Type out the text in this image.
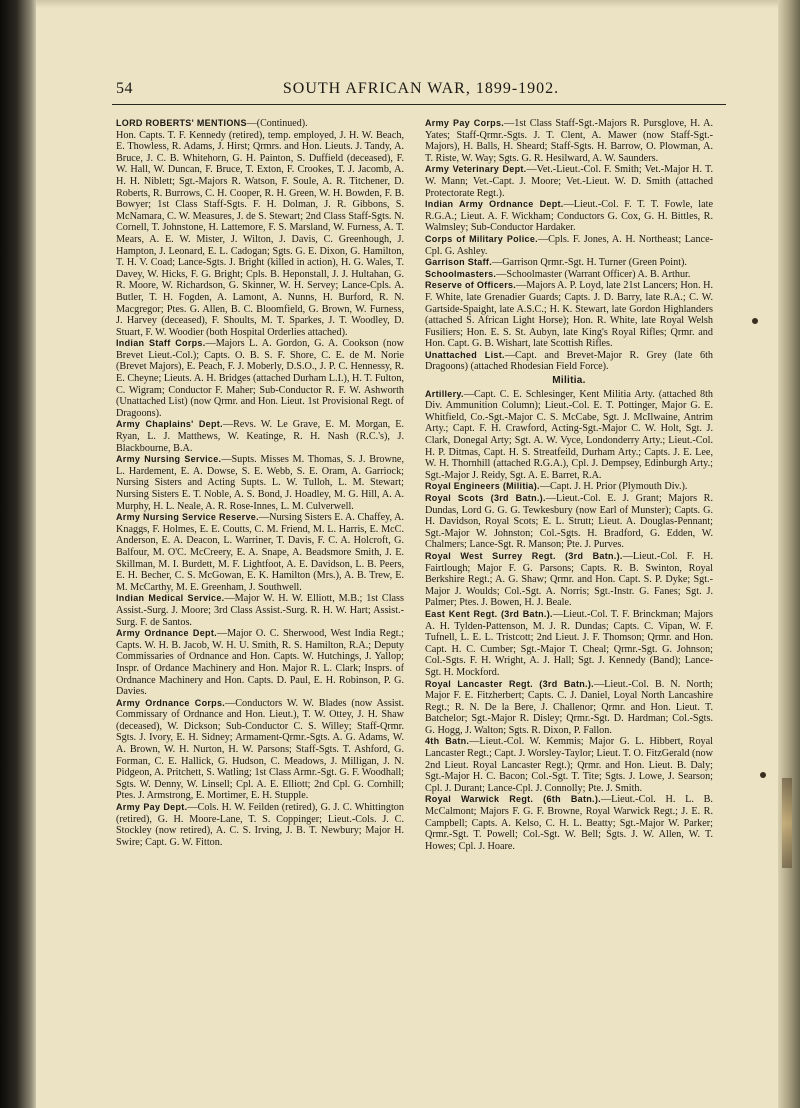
54	SOUTH AFRICAN WAR, 1899-1902.

LORD ROBERTS' MENTIONS—(Continued).

Hon. Capts. T. F. Kennedy (retired), temp. employed, J. H. W. Beach, E. Thowless, R. Adams, J. Hirst; Qrmrs. and Hon. Lieuts. J. Tandy, A. Bruce, J. C. B. Whitehorn, G. H. Painton, S. Duffield (deceased), F. W. Hall, W. Duncan, F. Bruce, T. Exton, F. Crookes, T. J. Jacomb, A. H. H. Niblett; Sgt.-Majors R. Watson, F. Soule, A. R. Titchener, D. Roberts, R. Burrows, C. H. Cooper, R. H. Green, W. H. Bowden, F. B. Bowyer; 1st Class Staff-Sgts. F. H. Dolman, J. R. Gibbons, S. McNamara, C. W. Measures, J. de S. Stewart; 2nd Class Staff-Sgts. N. Cornell, T. Johnstone, H. Lattemore, F. S. Marsland, W. Furness, A. T. Mears, A. E. W. Mister, J. Wilton, J. Davis, C. Greenhough, J. Hampton, J. Leonard, E. L. Cadogan; Sgts. G. E. Dixon, G. Hamilton, T. H. V. Coad; Lance-Sgts. J. Bright (killed in action), H. G. Wales, T. Davey, W. Hicks, F. G. Bright; Cpls. B. Heponstall, J. J. Hultahan, G. R. Moore, W. Richardson, G. Skinner, W. H. Servey; Lance-Cpls. A. Butler, T. H. Fogden, A. Lamont, A. Nunns, H. Burford, R. N. Macgregor; Ptes. G. Allen, B. C. Bloomfield, G. Brown, W. Furness, J. Harvey (deceased), F. Shoults, M. T. Sparkes, J. T. Woodley, D. Stuart, F. W. Woodier (both Hospital Orderlies attached).

Indian Staff Corps.—Majors L. A. Gordon, G. A. Cookson (now Brevet Lieut.-Col.); Capts. O. B. S. F. Shore, C. E. de M. Norie (Brevet Majors), E. Peach, F. J. Moberly, D.S.O., J. P. C. Hennessy, R. E. Cheyne; Lieuts. A. H. Bridges (attached Durham L.I.), H. T. Fulton, C. Wigram; Conductor F. Maher; Sub-Conductor R. F. W. Ashworth (Unattached List) (now Qrmr. and Hon. Lieut. 1st Provisional Regt. of Dragoons).

Army Chaplains' Dept.—Revs. W. Le Grave, E. M. Morgan, E. Ryan, L. J. Matthews, W. Keatinge, R. H. Nash (R.C.'s), J. Blackbourne, B.A.

Army Nursing Service.—Supts. Misses M. Thomas, S. J. Browne, L. Hardement, E. A. Dowse, S. E. Webb, S. E. Oram, A. Garriock; Nursing Sisters and Acting Supts. L. W. Tulloh, L. M. Stewart; Nursing Sisters E. T. Noble, A. S. Bond, J. Hoadley, M. G. Hill, A. A. Murphy, H. L. Neale, A. R. Rose-Innes, L. M. Culverwell.

Army Nursing Service Reserve.—Nursing Sisters E. A. Chaffey, A. Knaggs, F. Holmes, E. E. Coutts, C. M. Friend, M. L. Harris, E. McC. Anderson, E. A. Deacon, L. Warriner, T. Davis, F. C. A. Holcroft, G. Balfour, M. O'C. McCreery, E. A. Snape, A. Beadsmore Smith, J. E. Skillman, M. I. Burdett, M. F. Lightfoot, A. E. Davidson, L. B. Peers, E. H. Becher, C. S. McGowan, E. K. Hamilton (Mrs.), A. B. Trew, E. M. McCarthy, M. E. Greenham, J. Southwell.

Indian Medical Service.—Major W. H. W. Elliott, M.B.; 1st Class Assist.-Surg. J. Moore; 3rd Class Assist.-Surg. R. H. W. Hart; Assist.-Surg. F. de Santos.

Army Ordnance Dept.—Major O. C. Sherwood, West India Regt.; Capts. W. H. B. Jacob, W. H. U. Smith, R. S. Hamilton, R.A.; Deputy Commissaries of Ordnance and Hon. Capts. W. Hutchings, J. Yallop; Inspr. of Ordance Machinery and Hon. Major R. L. Clark; Insprs. of Ordnance Machinery and Hon. Capts. D. Paul, E. H. Robinson, P. G. Davies.

Army Ordnance Corps.—Conductors W. W. Blades (now Assist. Commissary of Ordnance and Hon. Lieut.), T. W. Ottey, J. H. Shaw (deceased), W. Dickson; Sub-Conductor C. S. Willey; Staff-Qrmr. Sgts. J. Ivory, E. H. Sidney; Armament-Qrmr.-Sgts. A. G. Adams, W. A. Brown, W. H. Nurton, H. W. Parsons; Staff-Sgts. T. Ashford, G. Forman, C. E. Hallick, G. Hudson, C. Meadows, J. Milligan, J. N. Pidgeon, A. Pritchett, S. Watling; 1st Class Armr.-Sgt. G. F. Woodhall; Sgts. W. Denny, W. Linsell; Cpl. A. E. Elliott; 2nd Cpl. G. Cornhill; Ptes. J. Armstrong, E. Mortimer, E. H. Stupple.

Army Pay Dept.—Cols. H. W. Feilden (retired), G. J. C. Whittington (retired), G. H. Moore-Lane, T. S. Coppinger; Lieut.-Cols. J. C. Stockley (now retired), A. C. S. Irving, J. B. T. Newbury; Major H. Swire; Capt. G. W. Fitton.

Army Pay Corps.—1st Class Staff-Sgt.-Majors R. Pursglove, H. A. Yates; Staff-Qrmr.-Sgts. J. T. Clent, A. Mawer (now Staff-Sgt.-Majors), H. Balls, H. Sheard; Staff-Sgts. H. Barrow, O. Plowman, A. T. Riste, W. Way; Sgts. G. R. Hesilward, A. W. Saunders.

Army Veterinary Dept.—Vet.-Lieut.-Col. F. Smith; Vet.-Major H. T. W. Mann; Vet.-Capt. J. Moore; Vet.-Lieut. W. D. Smith (attached Protectorate Regt.).

Indian Army Ordnance Dept.—Lieut.-Col. F. T. T. Fowle, late R.G.A.; Lieut. A. F. Wickham; Conductors G. Cox, G. H. Bittles, R. Walmsley; Sub-Conductor Hardaker.

Corps of Military Police.—Cpls. F. Jones, A. H. Northeast; Lance-Cpl. G. Ashley.

Garrison Staff.—Garrison Qrmr.-Sgt. H. Turner (Green Point).

Schoolmasters.—Schoolmaster (Warrant Officer) A. B. Arthur.

Reserve of Officers.—Majors A. P. Loyd, late 21st Lancers; Hon. H. F. White, late Grenadier Guards; Capts. J. D. Barry, late R.A.; C. W. Gartside-Spaight, late A.S.C.; H. K. Stewart, late Gordon Highlanders (attached S. African Light Horse); Hon. R. White, late Royal Welsh Fusiliers; Hon. E. S. St. Aubyn, late King's Royal Rifles; Qrmr. and Hon. Capt. G. B. Wishart, late Scottish Rifles.

Unattached List.—Capt. and Brevet-Major R. Grey (late 6th Dragoons) (attached Rhodesian Field Force).

Militia.

Artillery.—Capt. C. E. Schlesinger, Kent Militia Arty. (attached 8th Div. Ammunition Column); Lieut.-Col. E. T. Pottinger, Major G. E. Whitfield, Co.-Sgt.-Major C. S. McCabe, Sgt. J. McIlwaine, Antrim Arty.; Capt. F. H. Crawford, Acting-Sgt.-Major C. W. Holt, Sgt. J. Clark, Donegal Arty; Sgt. A. W. Vyce, Londonderry Arty.; Lieut.-Col. H. P. Ditmas, Capt. H. S. Streatfeild, Durham Arty.; Capts. J. E. Lee, W. H. Thornhill (attached R.G.A.), Cpl. J. Dempsey, Edinburgh Arty.; Sgt.-Major J. Reidy, Sgt. A. E. Barret, R.A.

Royal Engineers (Militia).—Capt. J. H. Prior (Plymouth Div.).

Royal Scots (3rd Batn.).—Lieut.-Col. E. J. Grant; Majors R. Dundas, Lord G. G. G. Tewkesbury (now Earl of Munster); Capts. G. H. Davidson, Royal Scots; E. L. Strutt; Lieut. A. Douglas-Pennant; Sgt.-Major W. Johnston; Col.-Sgts. H. Bradford, G. Edden, W. Chalmers; Lance-Sgt. R. Manson; Pte. J. Purves.

Royal West Surrey Regt. (3rd Batn.).—Lieut.-Col. F. H. Fairtlough; Major F. G. Parsons; Capts. R. B. Swinton, Royal Berkshire Regt.; A. G. Shaw; Qrmr. and Hon. Capt. S. P. Dyke; Sgt.-Major J. Woulds; Col.-Sgt. A. Norris; Sgt.-Instr. G. Fanes; Sgt. J. Palmer; Ptes. J. Bowen, H. J. Beale.

East Kent Regt. (3rd Batn.).—Lieut.-Col. T. F. Brinckman; Majors A. H. Tylden-Pattenson, M. J. R. Dundas; Capts. C. Vipan, W. F. Tufnell, L. E. L. Tristcott; 2nd Lieut. J. F. Thomson; Qrmr. and Hon. Capt. H. C. Cumber; Sgt.-Major T. Cheal; Qrmr.-Sgt. G. Johnson; Col.-Sgts. F. H. Wright, A. J. Hall; Sgt. J. Kennedy (Band); Lance-Sgt. H. Mockford.

Royal Lancaster Regt. (3rd Batn.).—Lieut.-Col. B. N. North; Major F. E. Fitzherbert; Capts. C. J. Daniel, Loyal North Lancashire Regt.; R. N. De la Bere, J. Challenor; Qrmr. and Hon. Lieut. T. Batchelor; Sgt.-Major R. Disley; Qrmr.-Sgt. D. Hardman; Col.-Sgts. G. Hogg, J. Walton; Sgts. R. Dixon, P. Fallon.

4th Batn.—Lieut.-Col. W. Kemmis; Major G. L. Hibbert, Royal Lancaster Regt.; Capt. J. Worsley-Taylor; Lieut. T. O. FitzGerald (now 2nd Lieut. Royal Lancaster Regt.); Qrmr. and Hon. Lieut. B. Daly; Sgt.-Major H. C. Bacon; Col.-Sgt. T. Tite; Sgts. J. Lowe, J. Searson; Cpl. J. Durant; Lance-Cpl. J. Connolly; Pte. J. Smith.

Royal Warwick Regt. (6th Batn.).—Lieut.-Col. H. L. B. McCalmont; Majors F. G. F. Browne, Royal Warwick Regt.; J. E. R. Campbell; Capts. A. Kelso, C. H. L. Beatty; Sgt.-Major W. Parker; Qrmr.-Sgt. T. Powell; Col.-Sgt. W. Bell; Sgts. J. W. Allen, W. T. Howes; Cpl. J. Hoare.
